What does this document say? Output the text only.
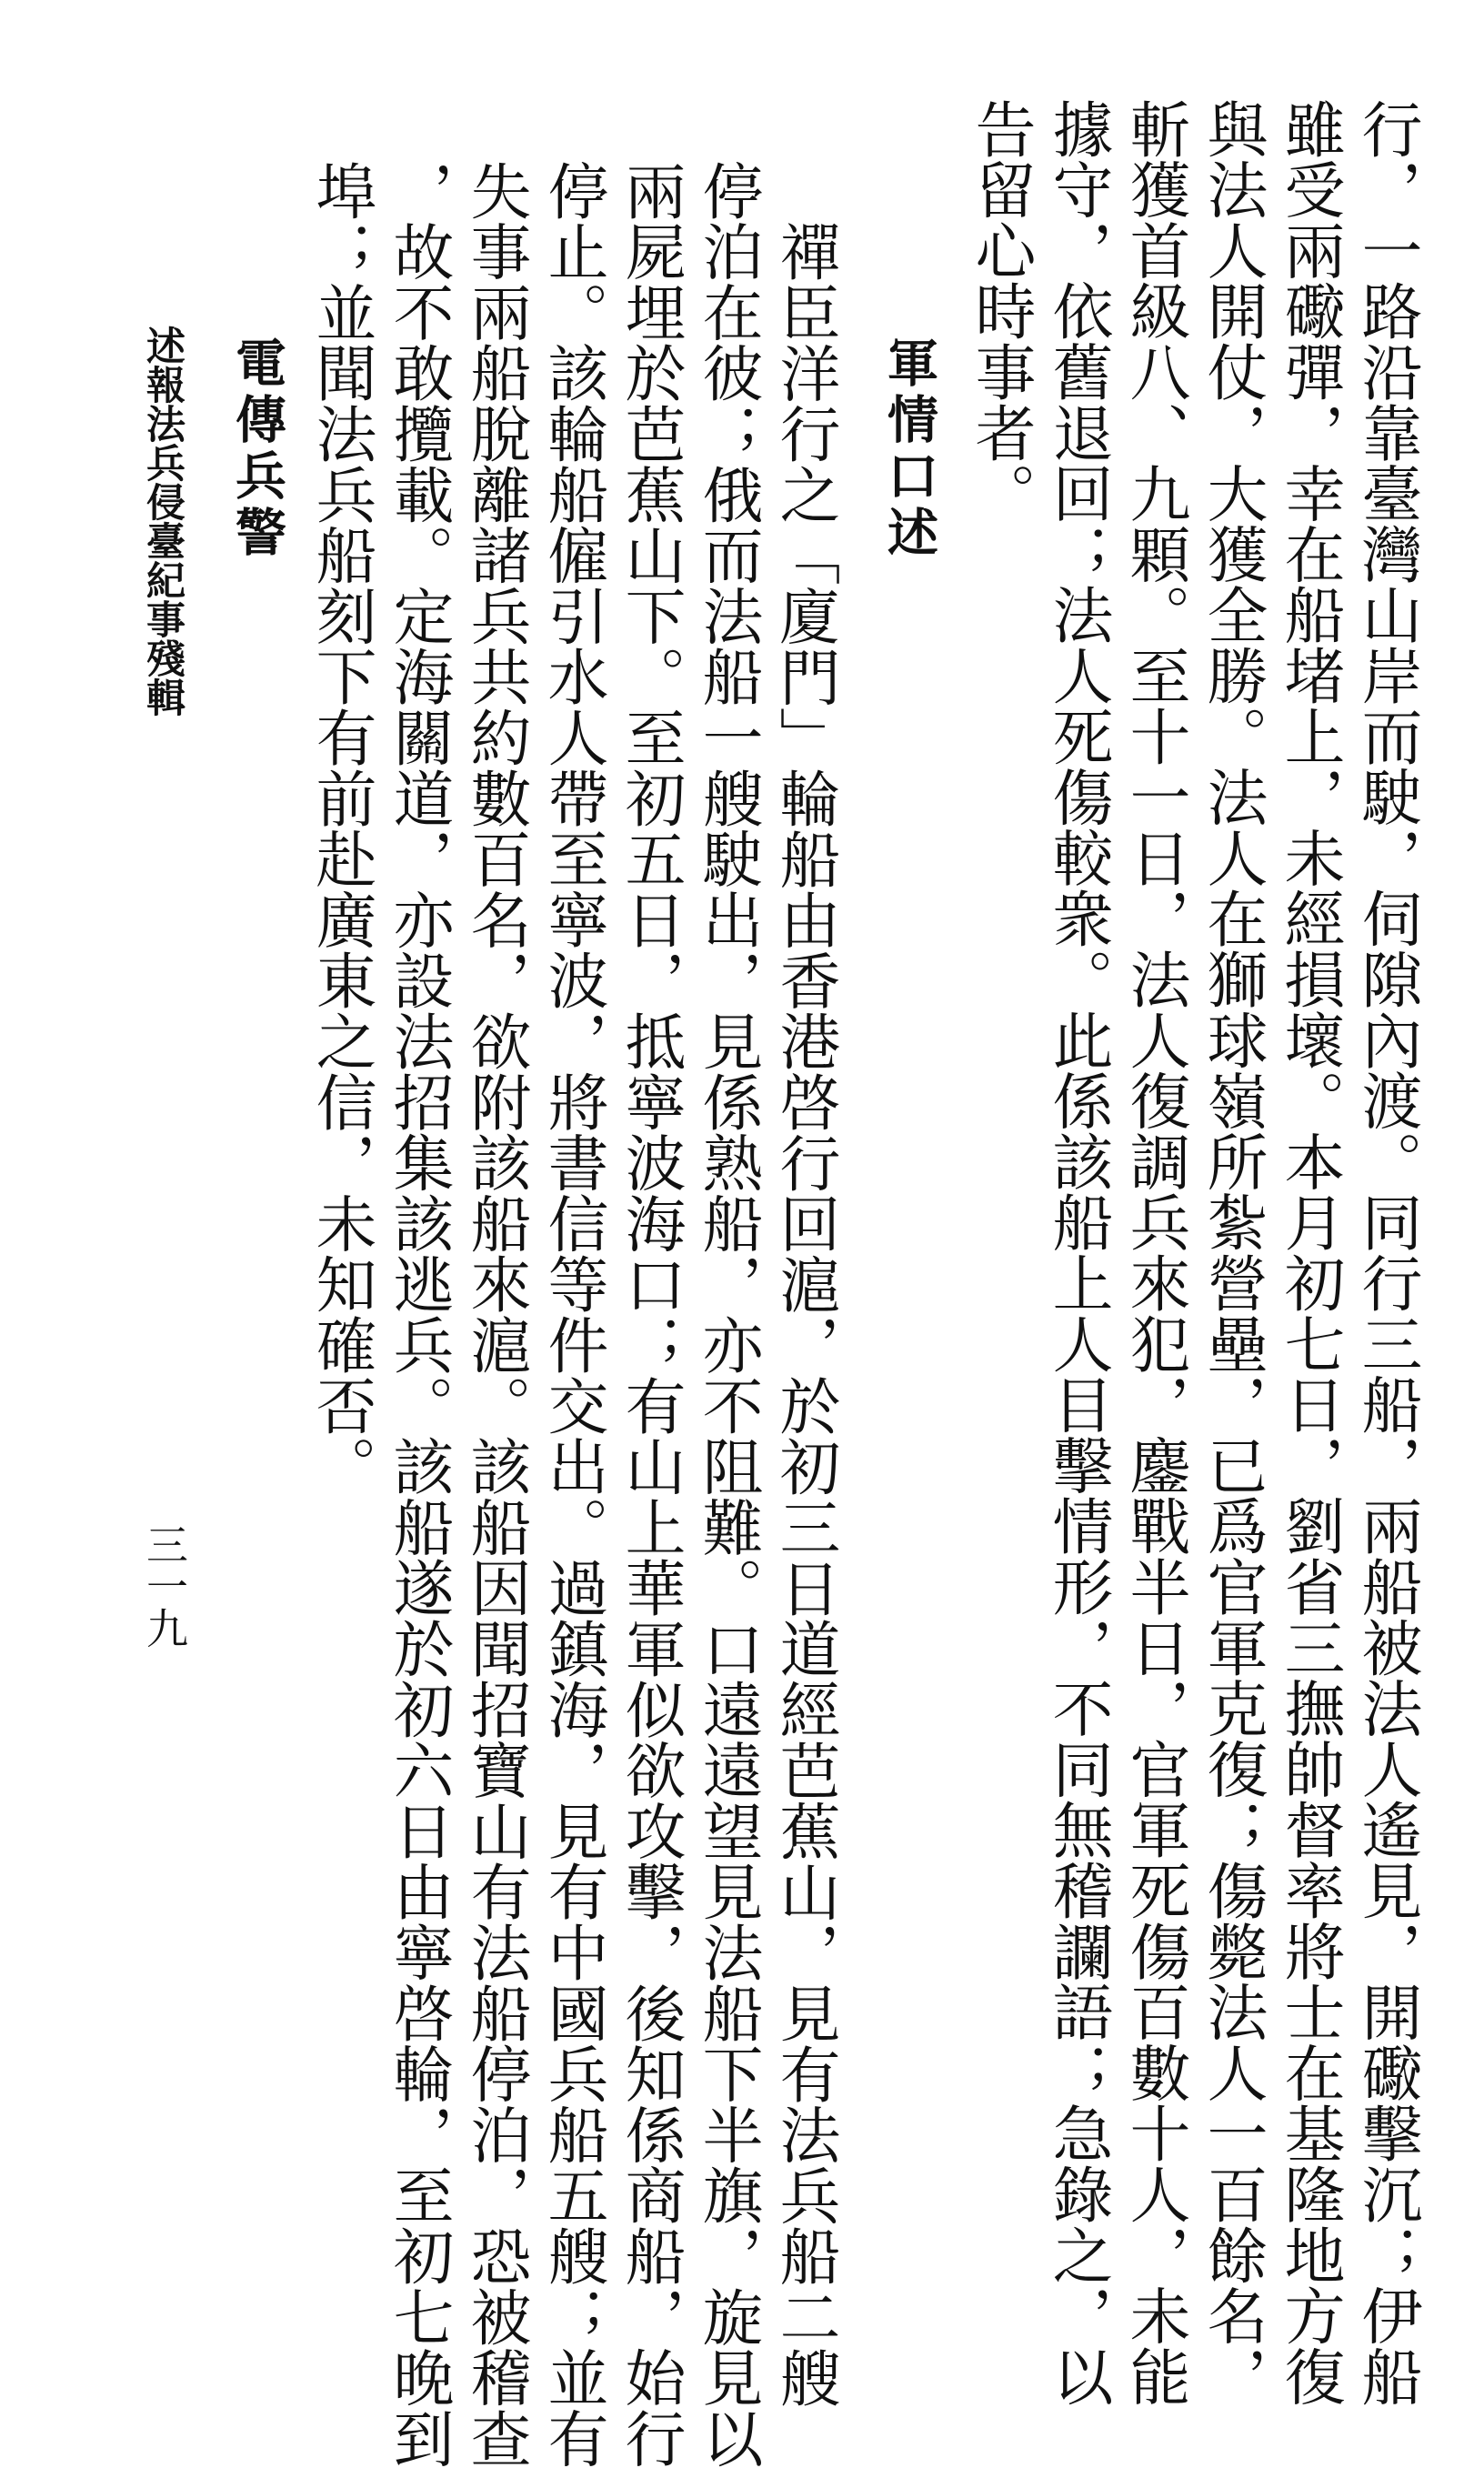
行，一路沿靠臺灣山岸而駛，伺隙內渡。同行三船，兩船被法人遙見，開礮擊沉；伊船
雖受兩礮彈，幸在船堵上，未經損壞。本月初七日，劉省三撫帥督率將士在基隆地方復
與法人開仗，大獲全勝。法人在獅球嶺所紮營壘，已爲官軍克復；傷斃法人一百餘名，
斬獲首級八、九顆。至十一日，法人復調兵來犯，鏖戰半日，官軍死傷百數十人，未能
據守，依舊退回；法人死傷較衆。此係該船上人目擊情形，不同無稽讕語；急錄之，以
告留心時事者。
軍情口述
禪臣洋行之「廈門」輪船由香港啓行回滬，於初三日道經芭蕉山，見有法兵船二艘
停泊在彼；俄而法船一艘駛出，見係熟船，亦不阻難。口遠遠望見法船下半旗，旋見以
兩屍埋於芭蕉山下。至初五日，抵寧波海口；有山上華軍似欲攻擊，後知係商船，始行
停止。該輪船僱引水人帶至寧波，將書信等件交出。過鎮海，見有中國兵船五艘；並有
失事兩船脫離諸兵共約數百名，欲附該船來滬。該船因聞招寶山有法船停泊，恐被稽查
，故不敢攬載。定海關道，亦設法招集該逃兵。該船遂於初六日由寧啓輪，至初七晚到
埠；並聞法兵船刻下有前赴廣東之信，未知確否。
電傳兵警
述報法兵侵臺紀事殘輯
三一九
